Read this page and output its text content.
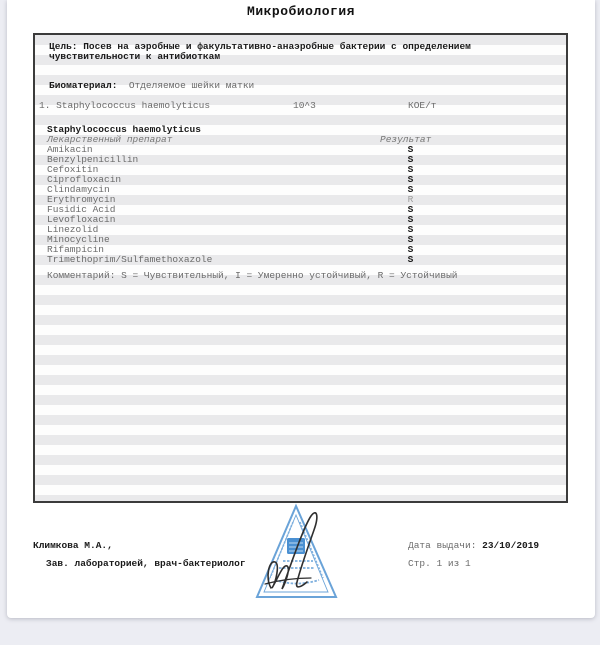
Микробиология
Цель: Посев на аэробные и факультативно-анаэробные бактерии с определением
чувствительности к антибиоткам
Биоматериал: Отделяемое шейки матки
1. Staphylococcus haemolyticus	10^3	КОЕ/т
Staphylococcus haemolyticus
Лекарственный препарат	Результат
Amikacin	S
Benzylpenicillin	S
Cefoxitin	S
Ciprofloxacin	S
Clindamycin	S
Erythromycin	R
Fusidic Acid	S
Levofloxacin	S
Linezolid	S
Minocycline	S
Rifampicin	S
Trimethoprim/Sulfamethoxazole	S
Комментарий: S = Чувствительный, I = Умеренно устойчивый, R = Устойчивый
Климкова М.А.,
Зав. лабораторией, врач-бактериолог
Дата выдачи: 23/10/2019
Стр. 1 из 1
